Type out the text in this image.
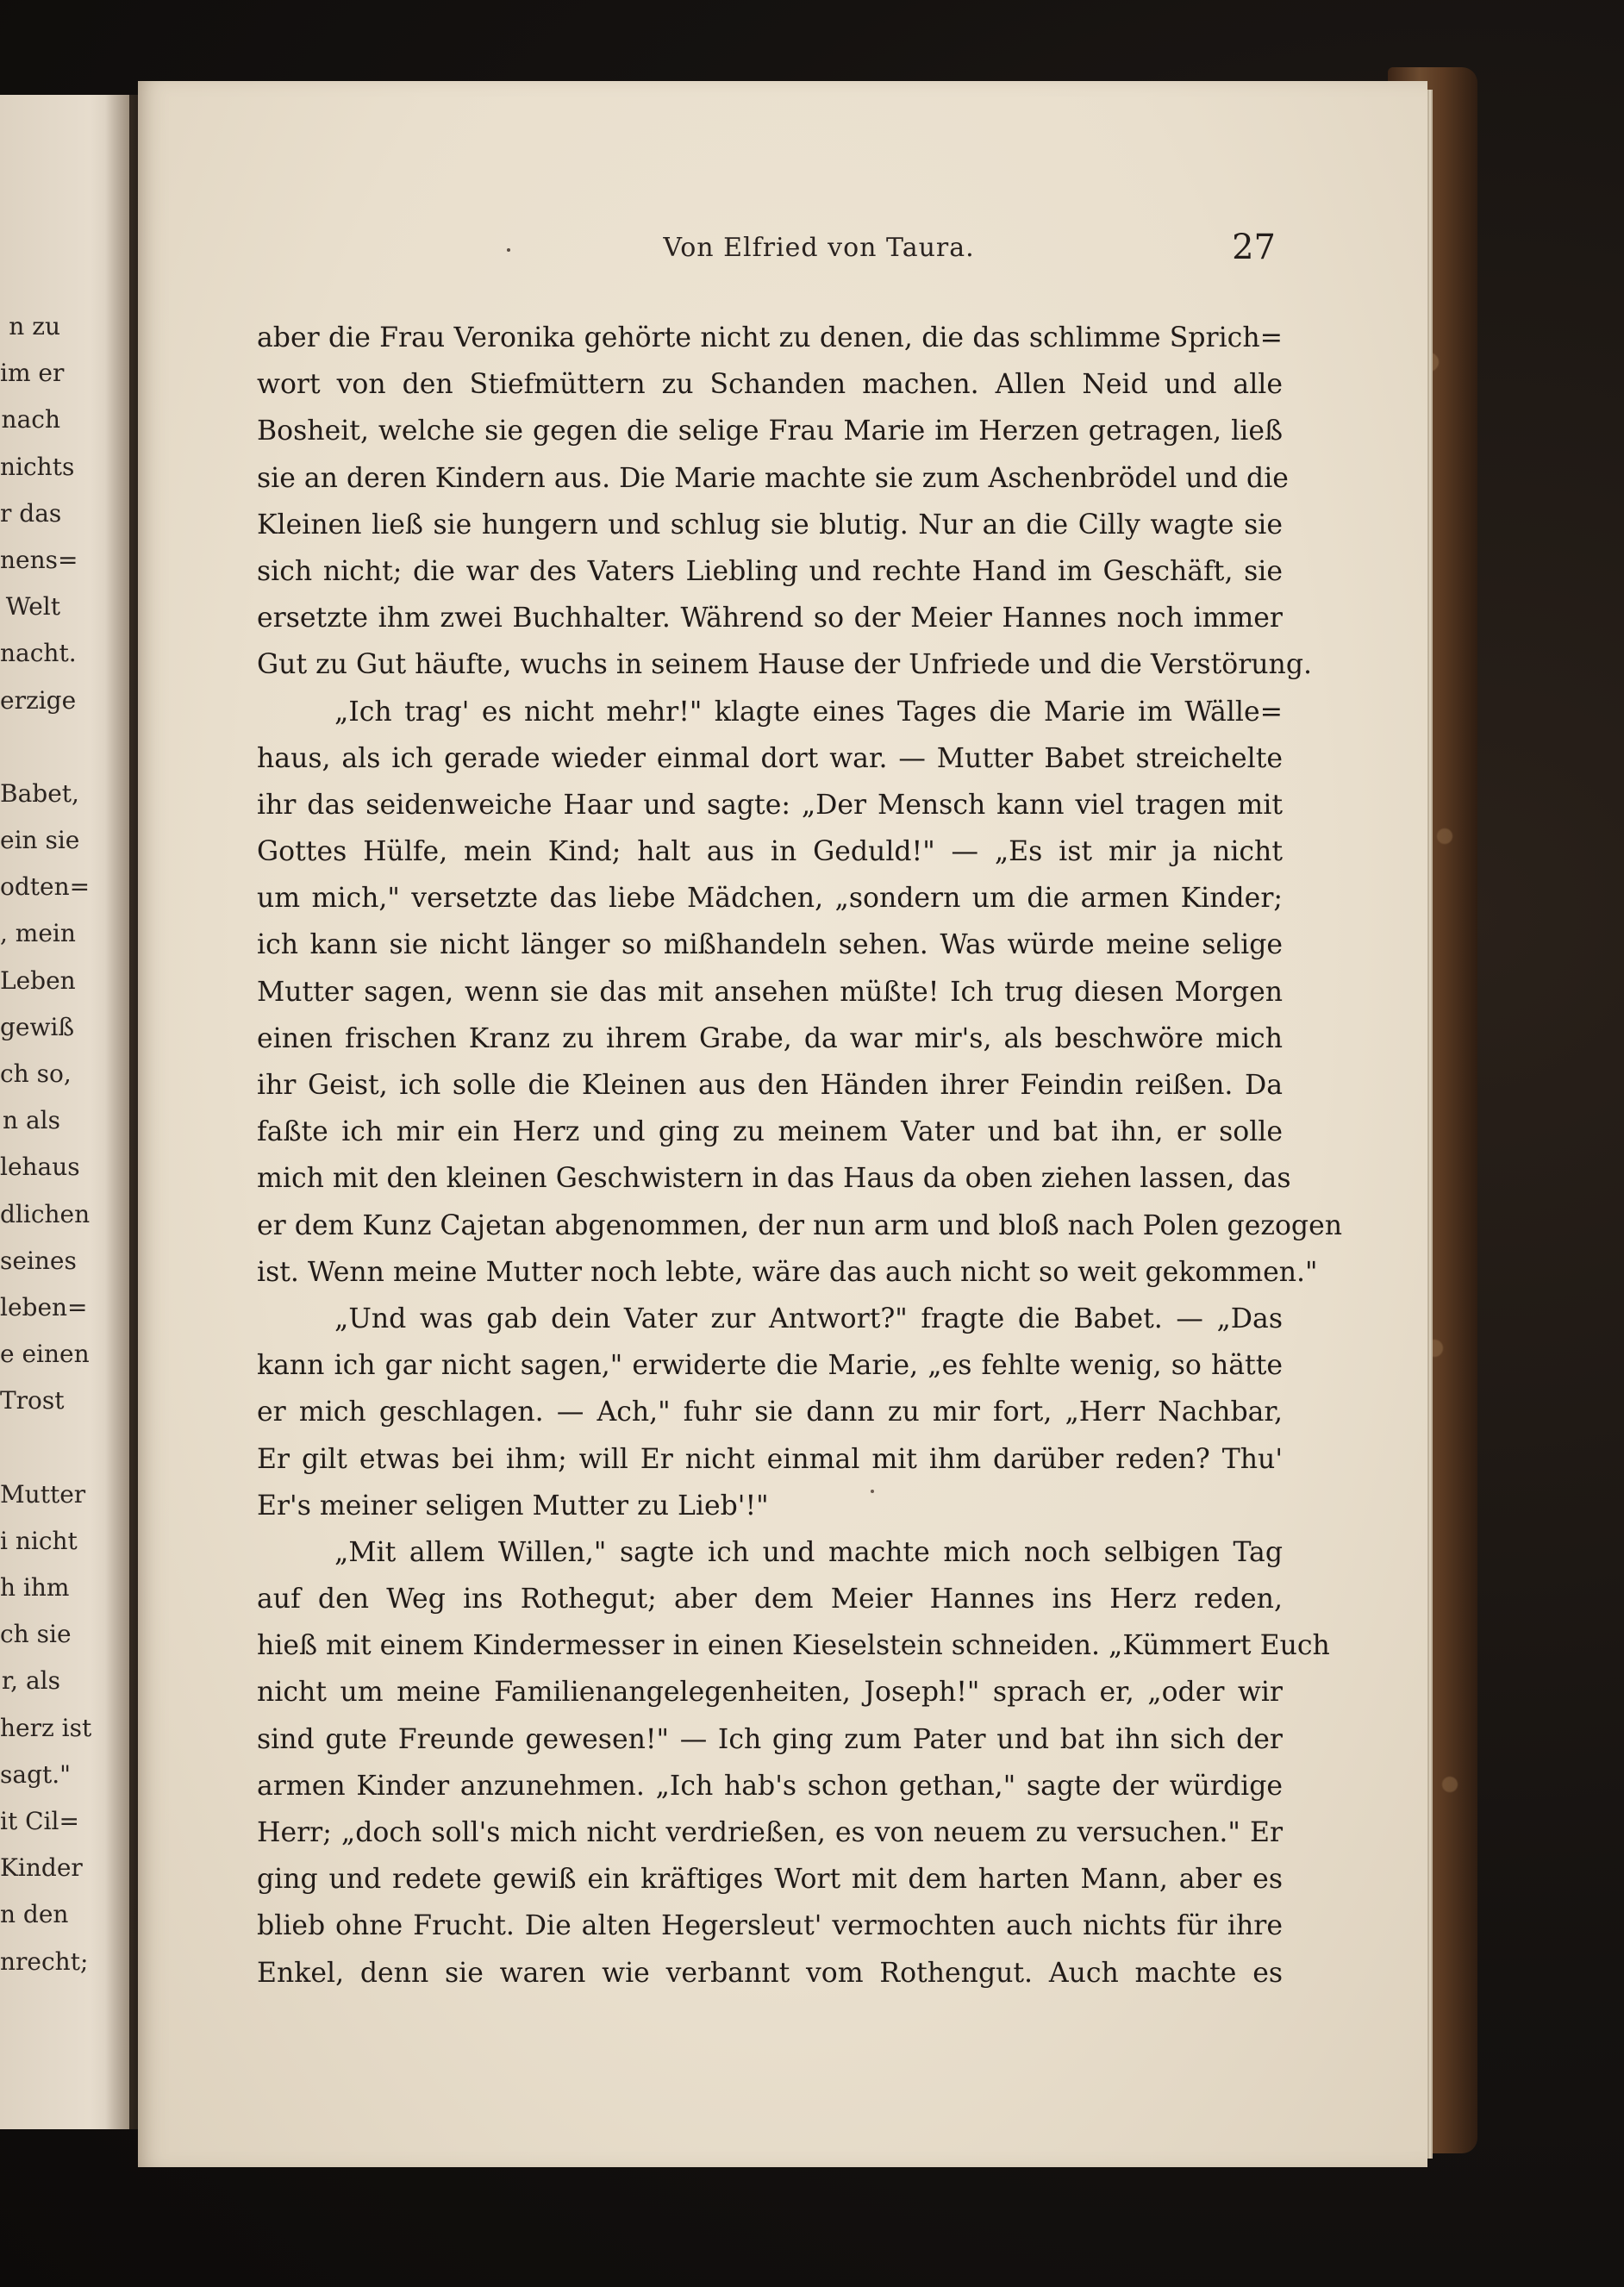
n zu
im er
nach
nichts
r das
nens=
Welt
nacht.
erzige
Babet,
ein sie
odten=
, mein
Leben
gewiß
ch so,
n als
lehaus
dlichen
seines
leben=
e einen
Trost
Mutter
i nicht
h ihm
ch sie
r, als
herz ist
sagt."
it Cil=
Kinder
n den
nrecht;
Von Elfried von Taura.	27
aber die Frau Veronika gehörte nicht zu denen, die das schlimme Sprich=
wort von den Stiefmüttern zu Schanden machen. Allen Neid und alle
Bosheit, welche sie gegen die selige Frau Marie im Herzen getragen, ließ
sie an deren Kindern aus. Die Marie machte sie zum Aschenbrödel und die
Kleinen ließ sie hungern und schlug sie blutig. Nur an die Cilly wagte sie
sich nicht; die war des Vaters Liebling und rechte Hand im Geschäft, sie
ersetzte ihm zwei Buchhalter. Während so der Meier Hannes noch immer
Gut zu Gut häufte, wuchs in seinem Hause der Unfriede und die Verstörung.
„Ich trag' es nicht mehr!" klagte eines Tages die Marie im Wälle=
haus, als ich gerade wieder einmal dort war. — Mutter Babet streichelte
ihr das seidenweiche Haar und sagte: „Der Mensch kann viel tragen mit
Gottes Hülfe, mein Kind; halt aus in Geduld!" — „Es ist mir ja nicht
um mich," versetzte das liebe Mädchen, „sondern um die armen Kinder;
ich kann sie nicht länger so mißhandeln sehen. Was würde meine selige
Mutter sagen, wenn sie das mit ansehen müßte! Ich trug diesen Morgen
einen frischen Kranz zu ihrem Grabe, da war mir's, als beschwöre mich
ihr Geist, ich solle die Kleinen aus den Händen ihrer Feindin reißen. Da
faßte ich mir ein Herz und ging zu meinem Vater und bat ihn, er solle
mich mit den kleinen Geschwistern in das Haus da oben ziehen lassen, das
er dem Kunz Cajetan abgenommen, der nun arm und bloß nach Polen gezogen
ist. Wenn meine Mutter noch lebte, wäre das auch nicht so weit gekommen."
„Und was gab dein Vater zur Antwort?" fragte die Babet. — „Das
kann ich gar nicht sagen," erwiderte die Marie, „es fehlte wenig, so hätte
er mich geschlagen. — Ach," fuhr sie dann zu mir fort, „Herr Nachbar,
Er gilt etwas bei ihm; will Er nicht einmal mit ihm darüber reden? Thu'
Er's meiner seligen Mutter zu Lieb'!"
„Mit allem Willen," sagte ich und machte mich noch selbigen Tag
auf den Weg ins Rothegut; aber dem Meier Hannes ins Herz reden,
hieß mit einem Kindermesser in einen Kieselstein schneiden. „Kümmert Euch
nicht um meine Familienangelegenheiten, Joseph!" sprach er, „oder wir
sind gute Freunde gewesen!" — Ich ging zum Pater und bat ihn sich der
armen Kinder anzunehmen. „Ich hab's schon gethan," sagte der würdige
Herr; „doch soll's mich nicht verdrießen, es von neuem zu versuchen." Er
ging und redete gewiß ein kräftiges Wort mit dem harten Mann, aber es
blieb ohne Frucht. Die alten Hegersleut' vermochten auch nichts für ihre
Enkel, denn sie waren wie verbannt vom Rothengut. Auch machte es
